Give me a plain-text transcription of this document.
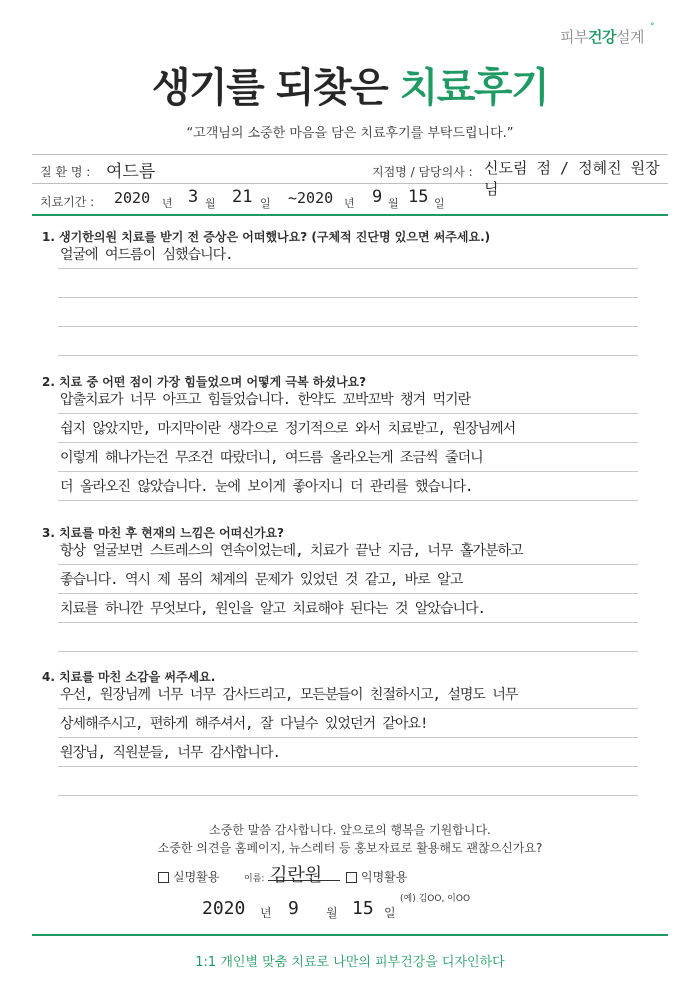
피부건강설계
°
생기를 되찾은 치료후기
“고객님의 소중한 마음을 담은 치료후기를 부탁드립니다.”
질 환 명 : 여드름	지점명 / 담당의사 : 신도림 점 / 정혜진 원장님
치료기간 : 2020 년 3 월 21 일 ~2020 년 9 월 15 일
1. 생기한의원 치료를 받기 전 증상은 어떠했나요? (구체적 진단명 있으면 써주세요.)
얼굴에 여드름이 심했습니다.
2. 치료 중 어떤 점이 가장 힘들었으며 어떻게 극복 하셨나요?
압출치료가 너무 아프고 힘들었습니다. 한약도 꼬박꼬박 챙겨 먹기란
쉽지 않았지만, 마지막이란 생각으로 정기적으로 와서 치료받고, 원장님께서
이렇게 해나가는건 무조건 따랐더니, 여드름 올라오는게 조금씩 줄더니
더 올라오진 않았습니다. 눈에 보이게 좋아지니 더 관리를 했습니다.
3. 치료를 마친 후 현재의 느낌은 어떠신가요?
항상 얼굴보면 스트레스의 연속이었는데, 치료가 끝난 지금, 너무 홀가분하고
좋습니다. 역시 제 몸의 체계의 문제가 있었던 것 같고, 바로 알고
치료를 하니깐 무엇보다, 원인을 알고 치료해야 된다는 것 알았습니다.
4. 치료를 마친 소감을 써주세요.
우선, 원장님께 너무 너무 감사드리고, 모든분들이 친절하시고, 설명도 너무
상세해주시고, 편하게 해주셔서, 잘 다닐수 있었던거 같아요!
원장님, 직원분들, 너무 감사합니다.
소중한 말씀 감사합니다. 앞으로의 행복을 기원합니다.
소중한 의견을 홈페이지, 뉴스레터 등 홍보자료로 활용해도 괜찮으신가요?
실명활용	이름: 김란원	익명활용
2020 년 9 월 15 일
(예) 김OO, 이OO
1:1 개인별 맞춤 치료로 나만의 피부건강을 디자인하다
